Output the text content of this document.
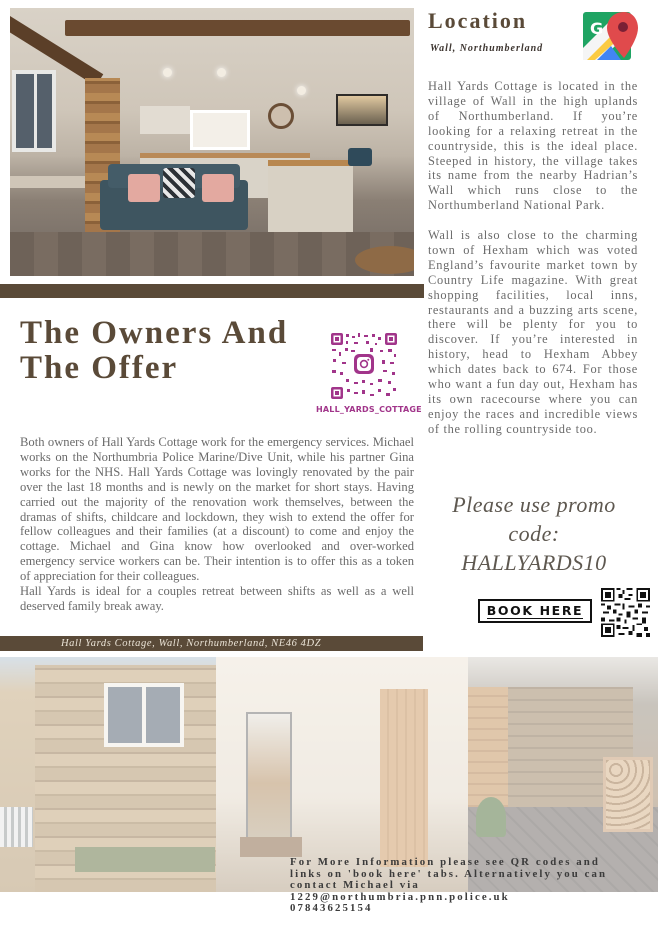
The Owners And The Offer
HALL_YARDS_COTTAGE

Both owners of Hall Yards Cottage work for the emergency services. Michael works on the Northumbria Police Marine/Dive Unit, while his partner Gina works for the NHS. Hall Yards Cottage was lovingly renovated by the pair over the last 18 months and is newly on the market for short stays. Having carried out the majority of the renovation work themselves, between the dramas of shifts, childcare and lockdown, they wish to extend the offer for fellow colleagues and their families (at a discount) to come and enjoy the cottage. Michael and Gina know how overlooked and over-worked emergency service workers can be. Their intention is to offer this as a token of appreciation for their colleagues.

Hall Yards is ideal for a couples retreat between shifts as well as a well deserved family break away.

Hall Yards Cottage, Wall, Northumberland, NE46 4DZ
Location
Wall, Northumberland
G

Hall Yards Cottage is located in the village of Wall in the high uplands of Northumberland. If you’re looking for a relaxing retreat in the countryside, this is the ideal place. Steeped in history, the village takes its name from the nearby Hadrian’s Wall which runs close to the Northumberland National Park.

Wall is also close to the charming town of Hexham which was voted England’s favourite market town by Country Life magazine. With great shopping facilities, local inns, restaurants and a buzzing arts scene, there will be plenty for you to discover. If you’re interested in history, head to Hexham Abbey which dates back to 674. For those who want a fun day out, Hexham has its own racecourse where you can enjoy the races and incredible views of the rolling countryside too.

Please use promo
code:
HALLYARDS10
BOOK HERE
For More Information please see QR codes and
links on 'book here' tabs. Alternatively you can
contact Michael via
1229@northumbria.pnn.police.uk
07843625154
